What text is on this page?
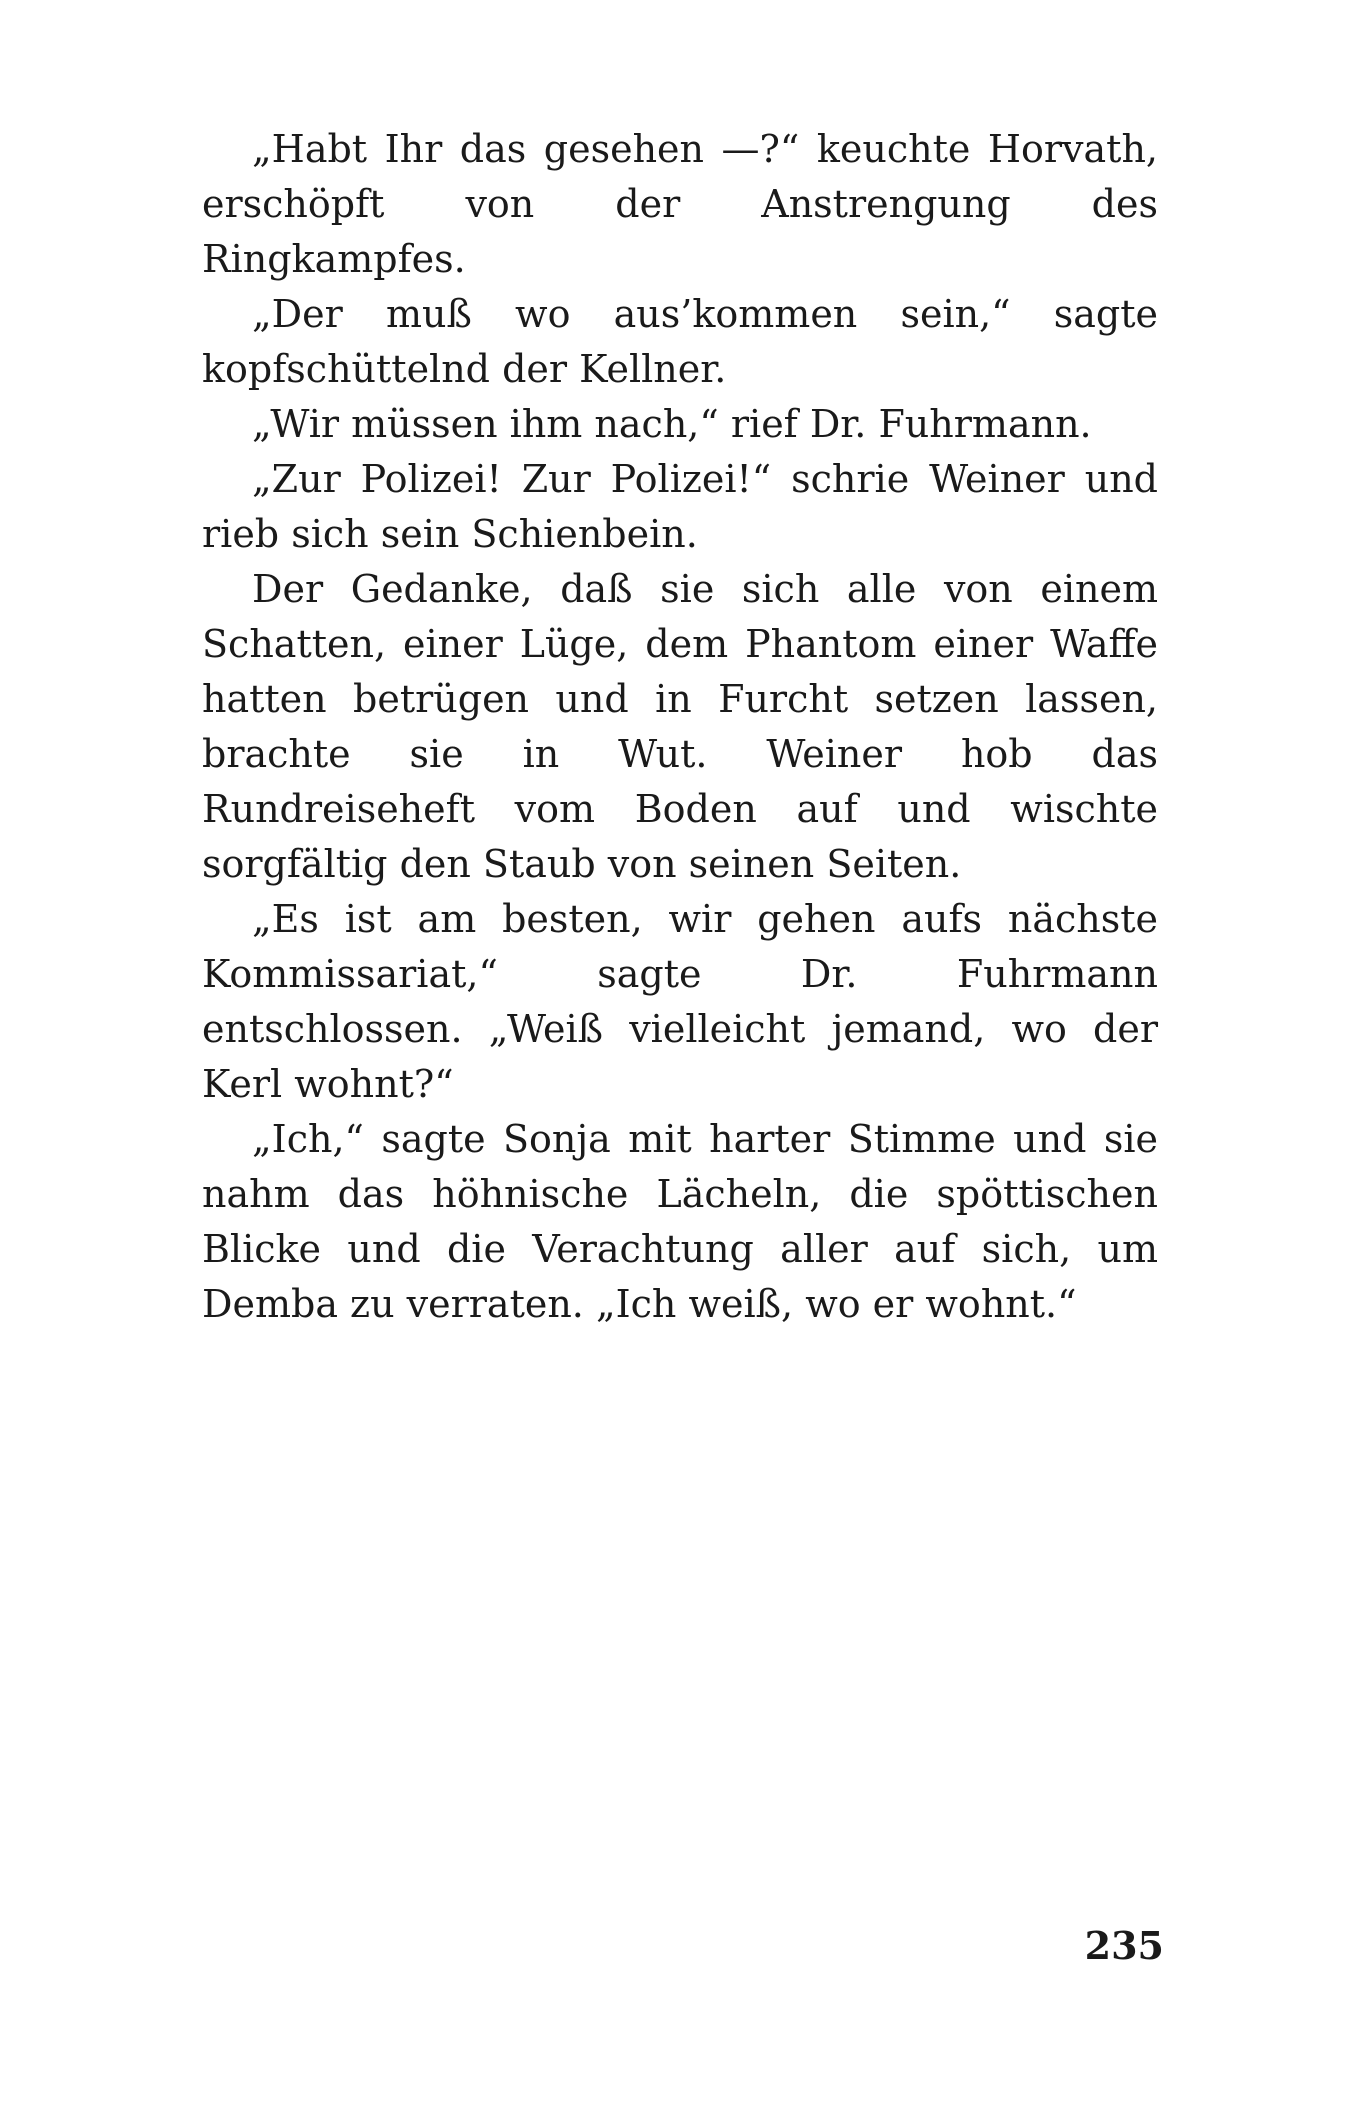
„Habt Ihr das gesehen —?“ keuchte Horvath, erschöpft von der Anstrengung des Ringkampfes.

„Der muß wo aus’kommen sein,“ sagte kopfschüttelnd der Kellner.

„Wir müssen ihm nach,“ rief Dr. Fuhrmann.

„Zur Polizei! Zur Polizei!“ schrie Weiner und rieb sich sein Schienbein.

Der Gedanke, daß sie sich alle von einem Schatten, einer Lüge, dem Phantom einer Waffe hatten betrügen und in Furcht setzen lassen, brachte sie in Wut. Weiner hob das Rundreiseheft vom Boden auf und wischte sorgfältig den Staub von seinen Seiten.

„Es ist am besten, wir gehen aufs nächste Kommissariat,“ sagte Dr. Fuhrmann entschlossen. „Weiß vielleicht jemand, wo der Kerl wohnt?“

„Ich,“ sagte Sonja mit harter Stimme und sie nahm das höhnische Lächeln, die spöttischen Blicke und die Verachtung aller auf sich, um Demba zu verraten. „Ich weiß, wo er wohnt.“

235
